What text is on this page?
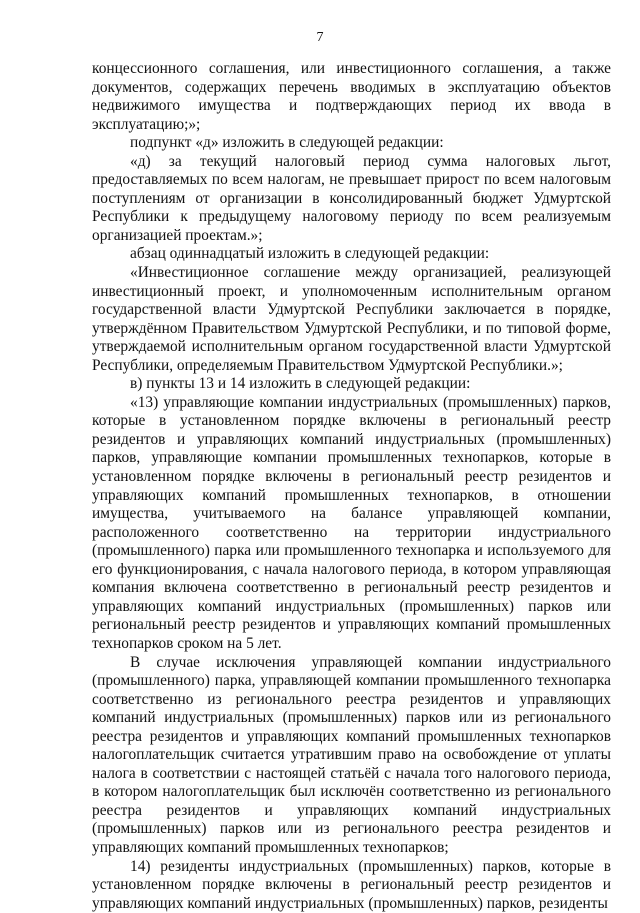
7

концессионного соглашения, или инвестиционного соглашения, а также документов, содержащих перечень вводимых в эксплуатацию объектов недвижимого имущества и подтверждающих период их ввода в эксплуатацию;»;

подпункт «д» изложить в следующей редакции:

«д) за текущий налоговый период сумма налоговых льгот, предоставляемых по всем налогам, не превышает прирост по всем налоговым поступлениям от организации в консолидированный бюджет Удмуртской Республики к предыдущему налоговому периоду по всем реализуемым организацией проектам.»;

абзац одиннадцатый изложить в следующей редакции:

«Инвестиционное соглашение между организацией, реализующей инвестиционный проект, и уполномоченным исполнительным органом государственной власти Удмуртской Республики заключается в порядке, утверждённом Правительством Удмуртской Республики, и по типовой форме, утверждаемой исполнительным органом государственной власти Удмуртской Республики, определяемым Правительством Удмуртской Республики.»;

в) пункты 13 и 14 изложить в следующей редакции:

«13) управляющие компании индустриальных (промышленных) парков, которые в установленном порядке включены в региональный реестр резидентов и управляющих компаний индустриальных (промышленных) парков, управляющие компании промышленных технопарков, которые в установленном порядке включены в региональный реестр резидентов и управляющих компаний промышленных технопарков, в отношении имущества, учитываемого на балансе управляющей компании, расположенного соответственно на территории индустриального (промышленного) парка или промышленного технопарка и используемого для его функционирования, с начала налогового периода, в котором управляющая компания включена соответственно в региональный реестр резидентов и управляющих компаний индустриальных (промышленных) парков или региональный реестр резидентов и управляющих компаний промышленных технопарков сроком на 5 лет.

В случае исключения управляющей компании индустриального (промышленного) парка, управляющей компании промышленного технопарка соответственно из регионального реестра резидентов и управляющих компаний индустриальных (промышленных) парков или из регионального реестра резидентов и управляющих компаний промышленных технопарков налогоплательщик считается утратившим право на освобождение от уплаты налога в соответствии с настоящей статьёй с начала того налогового периода, в котором налогоплательщик был исключён соответственно из регионального реестра резидентов и управляющих компаний индустриальных (промышленных) парков или из регионального реестра резидентов и управляющих компаний промышленных технопарков;

14) резиденты индустриальных (промышленных) парков, которые в установленном порядке включены в региональный реестр резидентов и управляющих компаний индустриальных (промышленных) парков, резиденты
